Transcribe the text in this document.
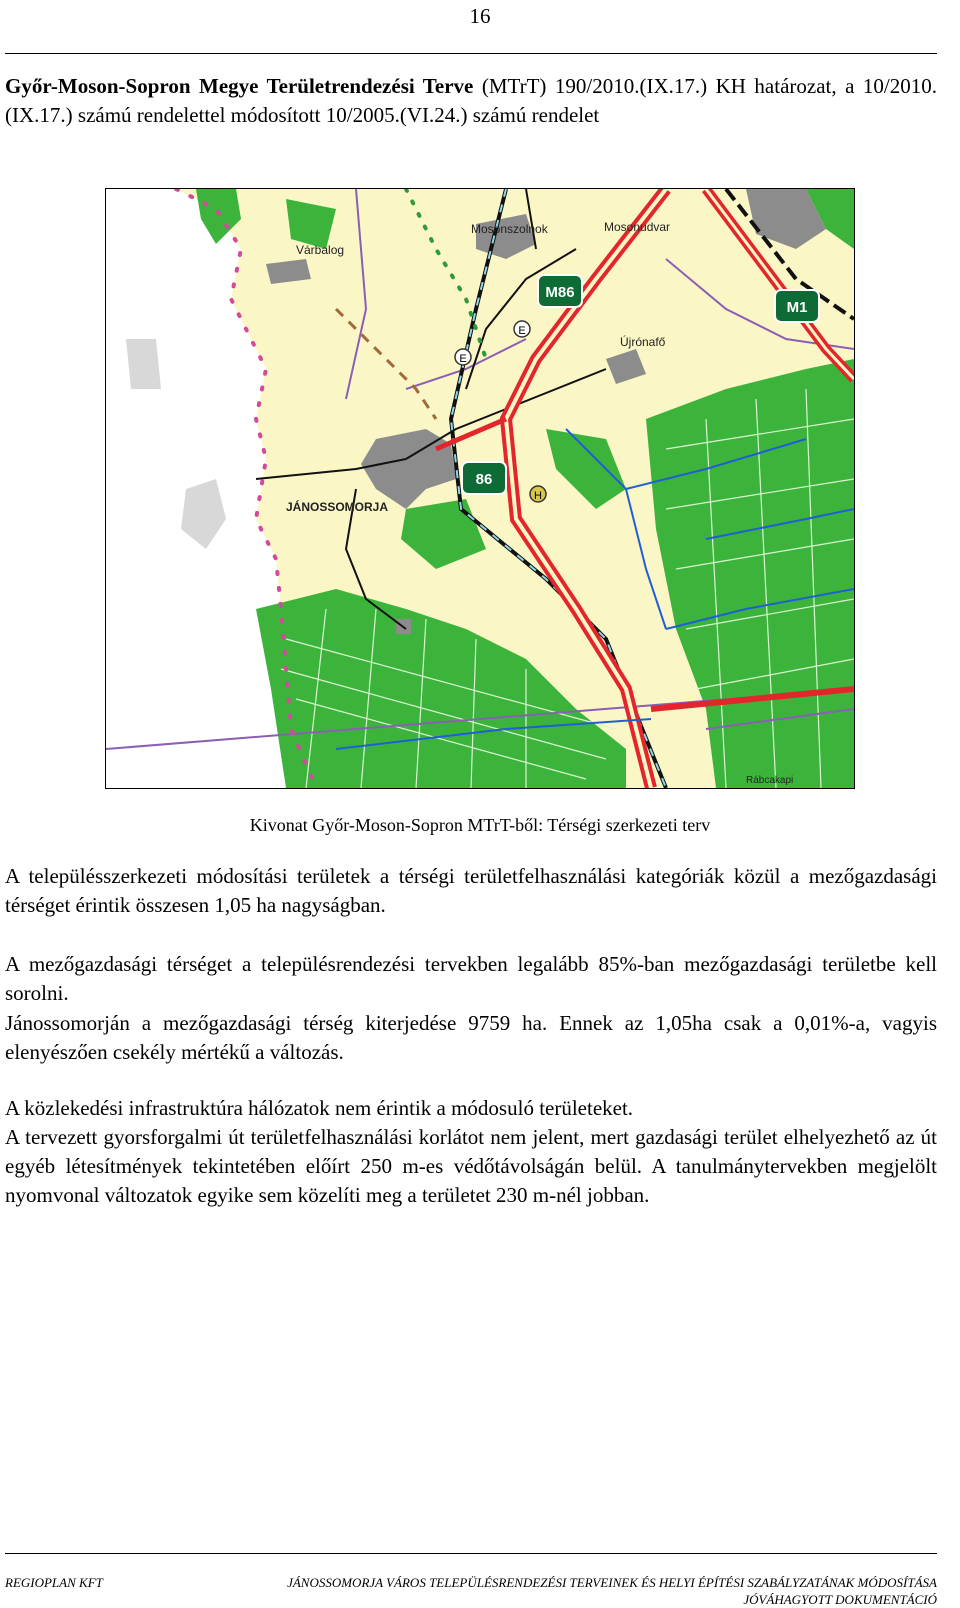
16
Győr-Moson-Sopron Megye Területrendezési Terve (MTrT) 190/2010.(IX.17.) KH határozat, a 10/2010.(IX.17.) számú rendelettel módosított 10/2005.(VI.24.) számú rendelet
M86
M1
86
E
E
H
Várbalog
Mosonszolnok	Mosonudvar
Újrónafő
JÁNOSSOMORJA
Rábcakapi
Kivonat Győr-Moson-Sopron MTrT-ből: Térségi szerkezeti terv

A településszerkezeti módosítási területek a térségi területfelhasználási kategóriák közül a mezőgazdasági térséget érintik összesen 1,05 ha nagyságban.

A mezőgazdasági térséget a településrendezési tervekben legalább 85%-ban mezőgazdasági területbe kell sorolni.

Jánossomorján a mezőgazdasági térség kiterjedése 9759 ha. Ennek az 1,05ha csak a 0,01%-a, vagyis elenyészően csekély mértékű a változás.

A közlekedési infrastruktúra hálózatok nem érintik a módosuló területeket.

A tervezett gyorsforgalmi út területfelhasználási korlátot nem jelent, mert gazdasági terület elhelyezhető az út egyéb létesítmények tekintetében előírt 250 m-es védőtávolságán belül. A tanulmánytervekben megjelölt nyomvonal változatok egyike sem közelíti meg a területet 230 m-nél jobban.

REGIOPLAN KFT	JÁNOSSOMORJA VÁROS TELEPÜLÉSRENDEZÉSI TERVEINEK ÉS HELYI ÉPÍTÉSI SZABÁLYZATÁNAK MÓDOSÍTÁSA
JÓVÁHAGYOTT DOKUMENTÁCIÓ
